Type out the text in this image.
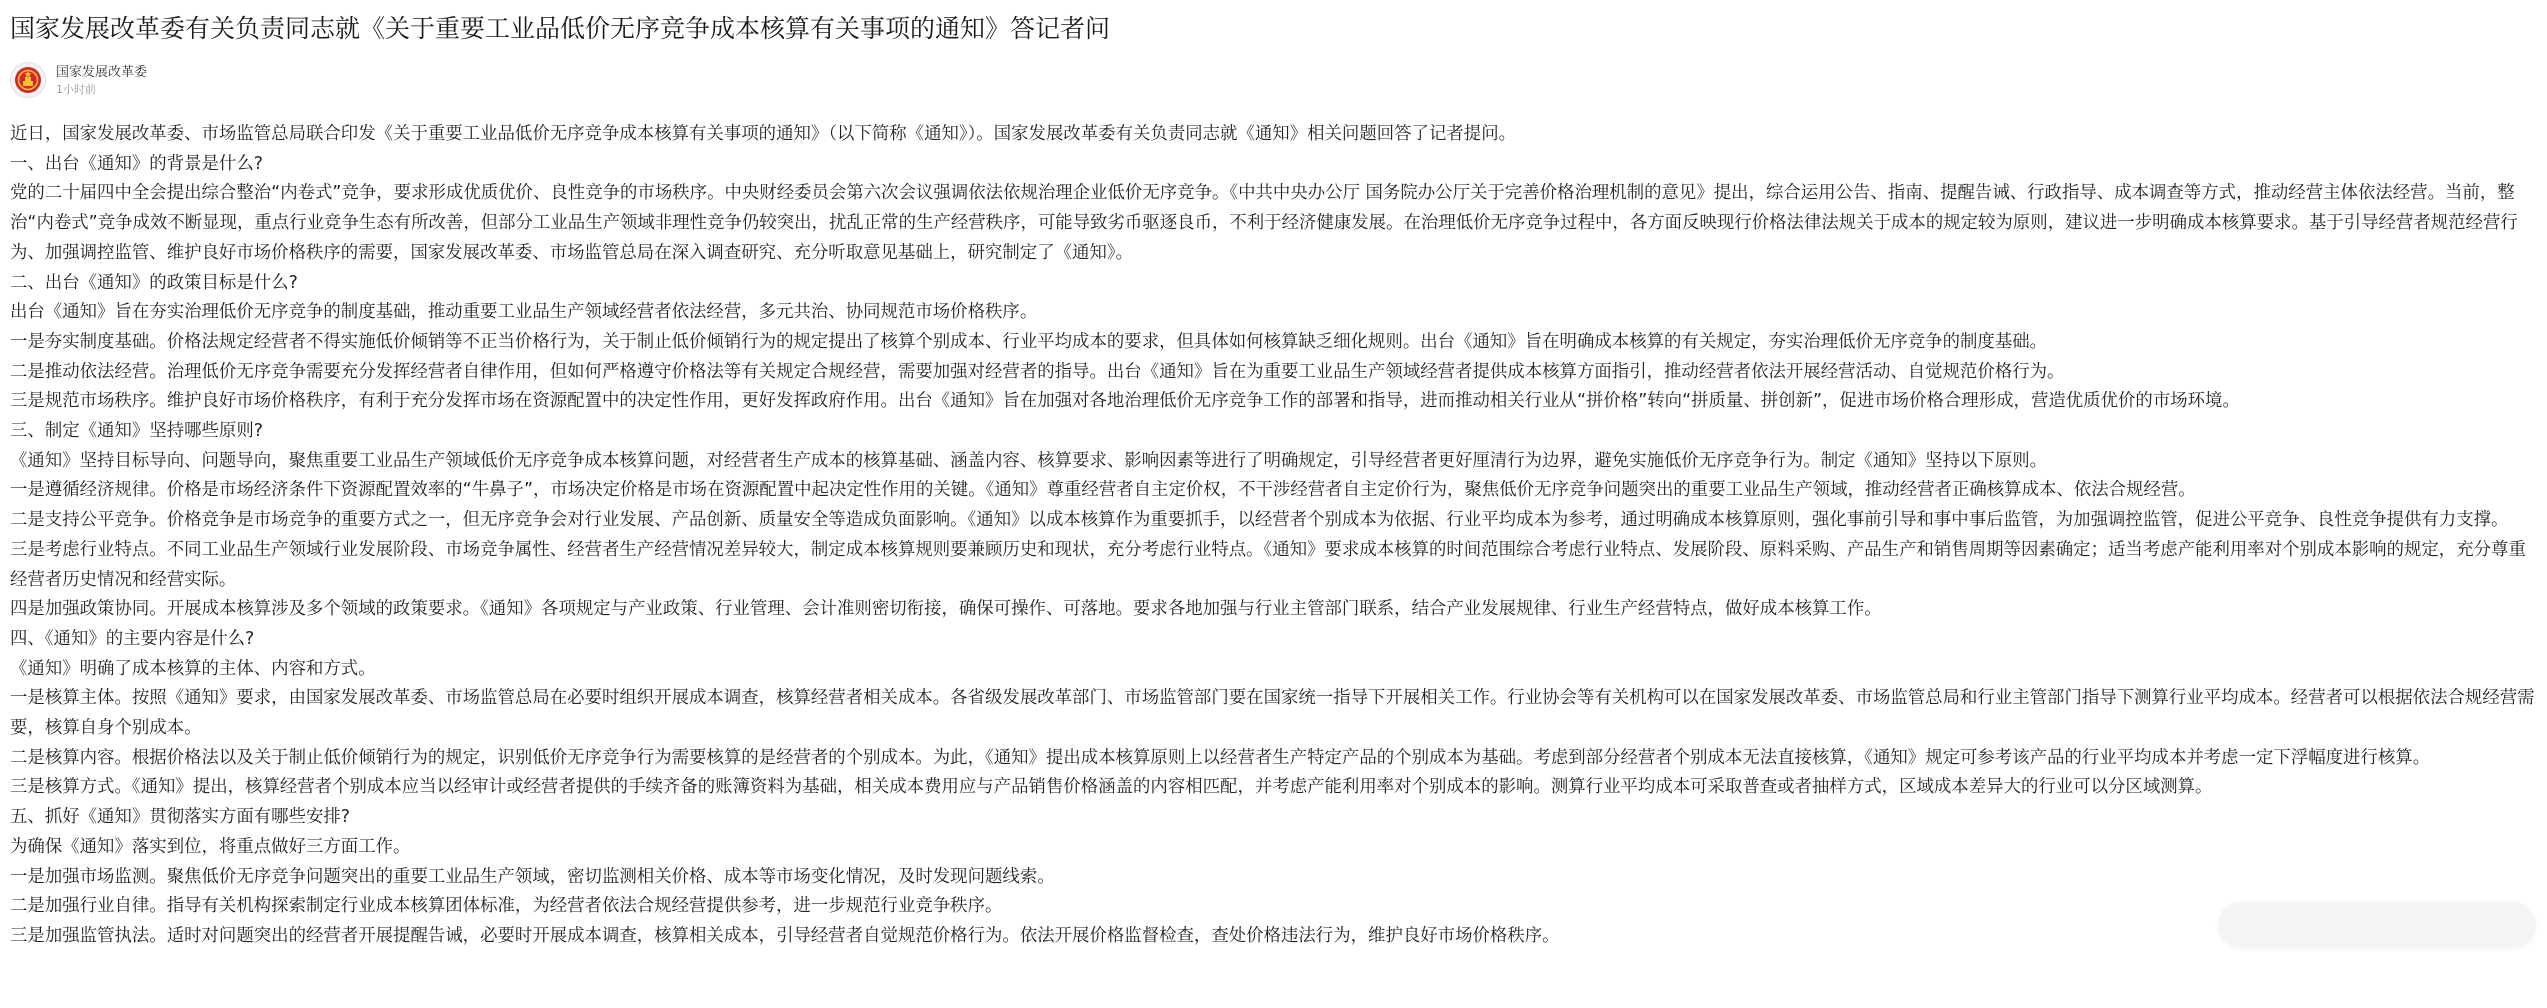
国家发展改革委有关负责同志就《关于重要工业品低价无序竞争成本核算有关事项的通知》答记者问
国家发展改革委
1小时前

近日，国家发展改革委、市场监管总局联合印发《关于重要工业品低价无序竞争成本核算有关事项的通知》（以下简称《通知》）。国家发展改革委有关负责同志就《通知》相关问题回答了记者提问。

一、出台《通知》的背景是什么?

党的二十届四中全会提出综合整治“内卷式”竞争，要求形成优质优价、良性竞争的市场秩序。中央财经委员会第六次会议强调依法依规治理企业低价无序竞争。《中共中央办公厅 国务院办公厅关于完善价格治理机制的意见》提出，综合运用公告、指南、提醒告诫、行政指导、成本调查等方式，推动经营主体依法经营。当前，整治“内卷式”竞争成效不断显现，重点行业竞争生态有所改善，但部分工业品生产领域非理性竞争仍较突出，扰乱正常的生产经营秩序，可能导致劣币驱逐良币，不利于经济健康发展。在治理低价无序竞争过程中，各方面反映现行价格法律法规关于成本的规定较为原则，建议进一步明确成本核算要求。基于引导经营者规范经营行为、加强调控监管、维护良好市场价格秩序的需要，国家发展改革委、市场监管总局在深入调查研究、充分听取意见基础上，研究制定了《通知》。

二、出台《通知》的政策目标是什么?

出台《通知》旨在夯实治理低价无序竞争的制度基础，推动重要工业品生产领域经营者依法经营，多元共治、协同规范市场价格秩序。

一是夯实制度基础。价格法规定经营者不得实施低价倾销等不正当价格行为，关于制止低价倾销行为的规定提出了核算个别成本、行业平均成本的要求，但具体如何核算缺乏细化规则。出台《通知》旨在明确成本核算的有关规定，夯实治理低价无序竞争的制度基础。

二是推动依法经营。治理低价无序竞争需要充分发挥经营者自律作用，但如何严格遵守价格法等有关规定合规经营，需要加强对经营者的指导。出台《通知》旨在为重要工业品生产领域经营者提供成本核算方面指引，推动经营者依法开展经营活动、自觉规范价格行为。

三是规范市场秩序。维护良好市场价格秩序，有利于充分发挥市场在资源配置中的决定性作用，更好发挥政府作用。出台《通知》旨在加强对各地治理低价无序竞争工作的部署和指导，进而推动相关行业从“拼价格”转向“拼质量、拼创新”，促进市场价格合理形成，营造优质优价的市场环境。

三、制定《通知》坚持哪些原则?

《通知》坚持目标导向、问题导向，聚焦重要工业品生产领域低价无序竞争成本核算问题，对经营者生产成本的核算基础、涵盖内容、核算要求、影响因素等进行了明确规定，引导经营者更好厘清行为边界，避免实施低价无序竞争行为。制定《通知》坚持以下原则。

一是遵循经济规律。价格是市场经济条件下资源配置效率的“牛鼻子”，市场决定价格是市场在资源配置中起决定性作用的关键。《通知》尊重经营者自主定价权，不干涉经营者自主定价行为，聚焦低价无序竞争问题突出的重要工业品生产领域，推动经营者正确核算成本、依法合规经营。

二是支持公平竞争。价格竞争是市场竞争的重要方式之一，但无序竞争会对行业发展、产品创新、质量安全等造成负面影响。《通知》以成本核算作为重要抓手，以经营者个别成本为依据、行业平均成本为参考，通过明确成本核算原则，强化事前引导和事中事后监管，为加强调控监管，促进公平竞争、良性竞争提供有力支撑。

三是考虑行业特点。不同工业品生产领域行业发展阶段、市场竞争属性、经营者生产经营情况差异较大，制定成本核算规则要兼顾历史和现状，充分考虑行业特点。《通知》要求成本核算的时间范围综合考虑行业特点、发展阶段、原料采购、产品生产和销售周期等因素确定；适当考虑产能利用率对个别成本影响的规定，充分尊重经营者历史情况和经营实际。

四是加强政策协同。开展成本核算涉及多个领域的政策要求。《通知》各项规定与产业政策、行业管理、会计准则密切衔接，确保可操作、可落地。要求各地加强与行业主管部门联系，结合产业发展规律、行业生产经营特点，做好成本核算工作。

四、《通知》的主要内容是什么?

《通知》明确了成本核算的主体、内容和方式。

一是核算主体。按照《通知》要求，由国家发展改革委、市场监管总局在必要时组织开展成本调查，核算经营者相关成本。各省级发展改革部门、市场监管部门要在国家统一指导下开展相关工作。行业协会等有关机构可以在国家发展改革委、市场监管总局和行业主管部门指导下测算行业平均成本。经营者可以根据依法合规经营需要，核算自身个别成本。

二是核算内容。根据价格法以及关于制止低价倾销行为的规定，识别低价无序竞争行为需要核算的是经营者的个别成本。为此，《通知》提出成本核算原则上以经营者生产特定产品的个别成本为基础。考虑到部分经营者个别成本无法直接核算，《通知》规定可参考该产品的行业平均成本并考虑一定下浮幅度进行核算。

三是核算方式。《通知》提出，核算经营者个别成本应当以经审计或经营者提供的手续齐备的账簿资料为基础，相关成本费用应与产品销售价格涵盖的内容相匹配，并考虑产能利用率对个别成本的影响。测算行业平均成本可采取普查或者抽样方式，区域成本差异大的行业可以分区域测算。

五、抓好《通知》贯彻落实方面有哪些安排?

为确保《通知》落实到位，将重点做好三方面工作。

一是加强市场监测。聚焦低价无序竞争问题突出的重要工业品生产领域，密切监测相关价格、成本等市场变化情况，及时发现问题线索。

二是加强行业自律。指导有关机构探索制定行业成本核算团体标准，为经营者依法合规经营提供参考，进一步规范行业竞争秩序。

三是加强监管执法。适时对问题突出的经营者开展提醒告诫，必要时开展成本调查，核算相关成本，引导经营者自觉规范价格行为。依法开展价格监督检查，查处价格违法行为，维护良好市场价格秩序。
